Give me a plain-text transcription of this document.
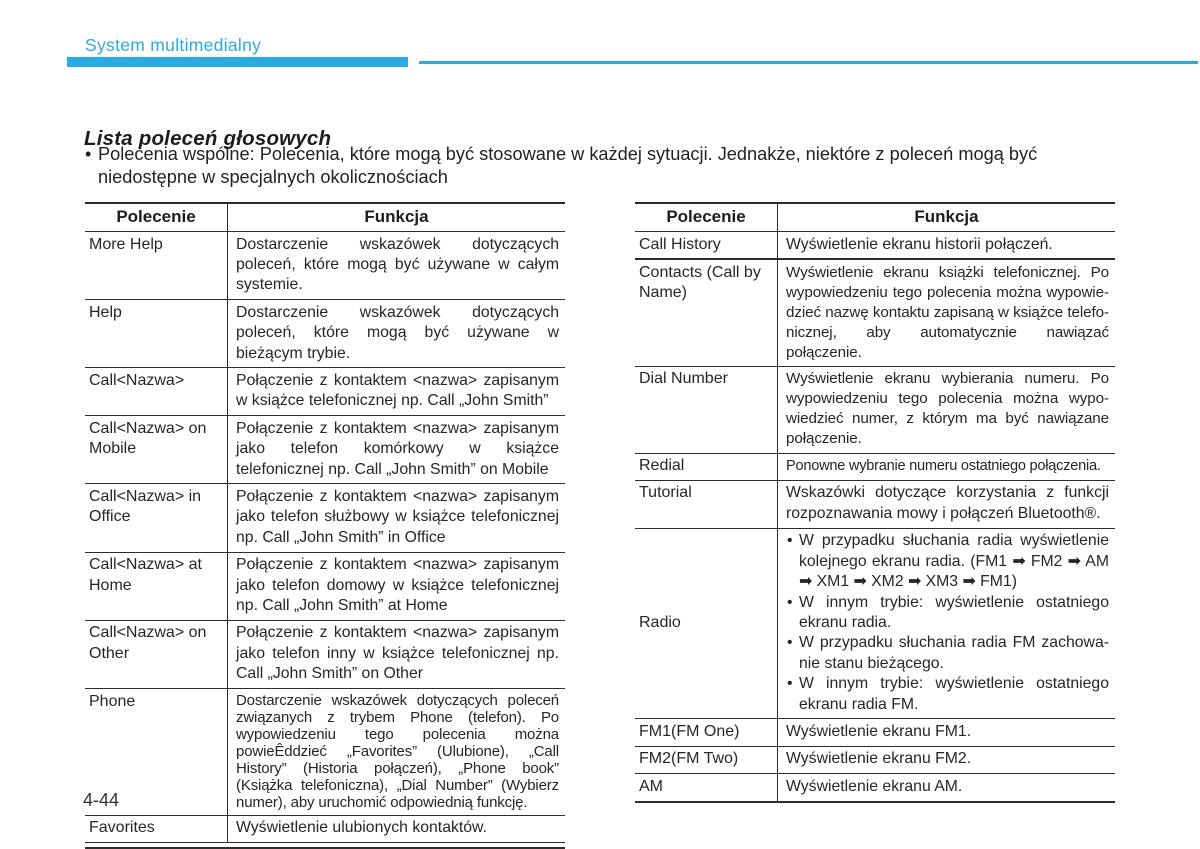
System multimedialny
Lista poleceń głosowych
• Polecenia wspólne: Polecenia, które mogą być stosowane w każdej sytuacji. Jednakże, niektóre z poleceń mogą być niedostępne w specjalnych okolicznościach
Polecenie	Funkcja
More Help	Dostarczenie wskazówek dotyczących poleceń, które mogą być używane w całym systemie.
Help	Dostarczenie wskazówek dotyczących poleceń, które mogą być używane w bieżącym trybie.
Call<Nazwa>	Połączenie z kontaktem <nazwa> zapisanym w książce telefonicznej np. Call „John Smith”
Call<Nazwa> on Mobile	Połączenie z kontaktem <nazwa> zapisanym jako telefon komórkowy w książce telefonicznej np. Call „John Smith” on Mobile
Call<Nazwa> in Office	Połączenie z kontaktem <nazwa> zapisanym jako telefon służbowy w książce telefonicznej np. Call „John Smith” in Office
Call<Nazwa> at Home	Połączenie z kontaktem <nazwa> zapisanym jako telefon domowy w książce telefonicznej np. Call „John Smith” at Home
Call<Nazwa> on Other	Połączenie z kontaktem <nazwa> zapisanym jako telefon inny w książce telefonicznej np. Call „John Smith” on Other
Phone	Dostarczenie wskazówek dotyczących poleceń związanych z trybem Phone (telefon). Po wypowiedzeniu tego polecenia można powieÊddzieć „Favorites” (Ulubione), „Call History” (Historia połączeń), „Phone book” (Książka telefoniczna), „Dial Number” (Wybierz numer), aby uruchomić odpowiednią funkcję.
Favorites	Wyświetlenie ulubionych kontaktów.
Polecenie	Funkcja
Call History	Wyświetlenie ekranu historii połączeń.
Contacts (Call by Name)	Wyświetlenie ekranu książki telefonicznej. Po wypowiedzeniu tego polecenia można wypowiedzieć nazwę kontaktu zapisaną w książce telefonicznej, aby automatycznie nawiązać połączenie.
Dial Number	Wyświetlenie ekranu wybierania numeru. Po wypowiedzeniu tego polecenia można wypowiedzieć numer, z którym ma być nawiązane połączenie.
Redial	Ponowne wybranie numeru ostatniego połączenia.
Tutorial	Wskazówki dotyczące korzystania z funkcji rozpoznawania mowy i połączeń Bluetooth®.
Radio	• W przypadku słuchania radia wyświetlenie kolejnego ekranu radia. (FM1 ➡ FM2 ➡ AM ➡ XM1 ➡ XM2 ➡ XM3 ➡ FM1)
• W innym trybie: wyświetlenie ostatniego ekranu radia.
• W przypadku słuchania radia FM zachowanie stanu bieżącego.
• W innym trybie: wyświetlenie ostatniego ekranu radia FM.

FM1(FM One)	Wyświetlenie ekranu FM1.
FM2(FM Two)	Wyświetlenie ekranu FM2.
AM	Wyświetlenie ekranu AM.
4-44
